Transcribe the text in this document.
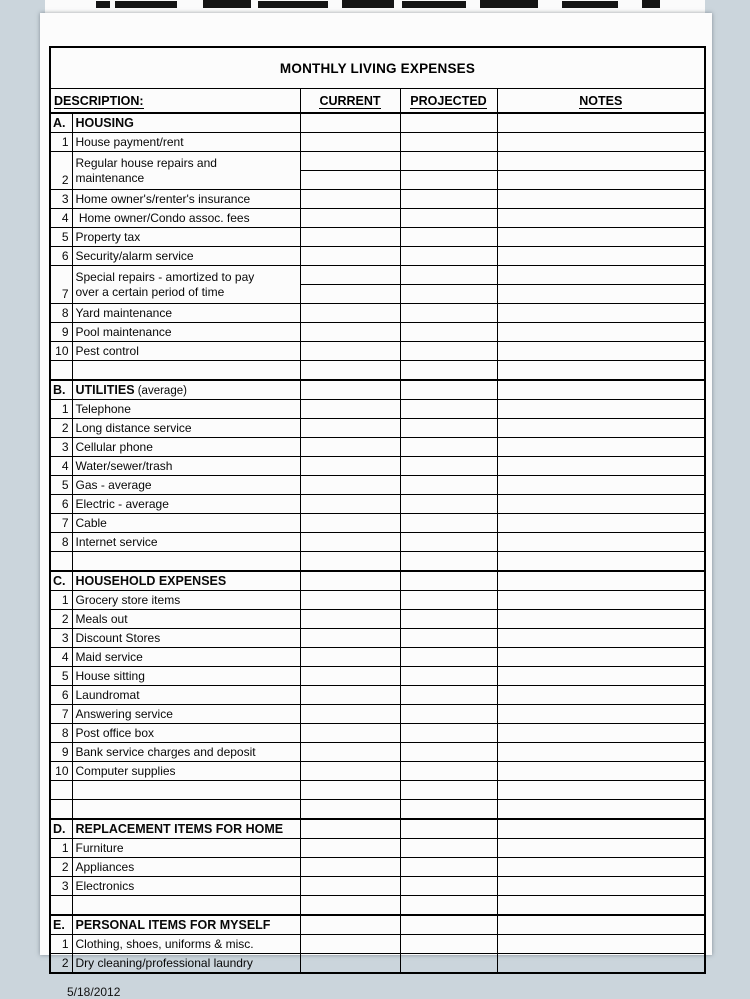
MONTHLY LIVING EXPENSES				
DESCRIPTION:		CURRENT	PROJECTED	NOTES
A.	HOUSING			
1	House payment/rent			

2	Regular house repairs and
maintenance			

3	Home owner's/renter's insurance			

4	Home owner/Condo assoc. fees			

5	Property tax			

6	Security/alarm service			

7	Special repairs - amortized to pay
over a certain period of time			

8	Yard maintenance			

9	Pool maintenance			

10	Pest control			

B.	UTILITIES (average)			
1	Telephone			

2	Long distance service			

3	Cellular phone			

4	Water/sewer/trash			

5	Gas - average			

6	Electric - average			

7	Cable			

8	Internet service			

C.	HOUSEHOLD EXPENSES			
1	Grocery store items			

2	Meals out			

3	Discount Stores			

4	Maid service			

5	House sitting			

6	Laundromat			

7	Answering service			

8	Post office box			

9	Bank service charges and deposit			

10	Computer supplies			

D.	REPLACEMENT ITEMS FOR HOME			
1	Furniture			

2	Appliances			

3	Electronics			

E.	PERSONAL ITEMS FOR MYSELF			
1	Clothing, shoes, uniforms & misc.			

2	Dry cleaning/professional laundry			

5/18/2012
